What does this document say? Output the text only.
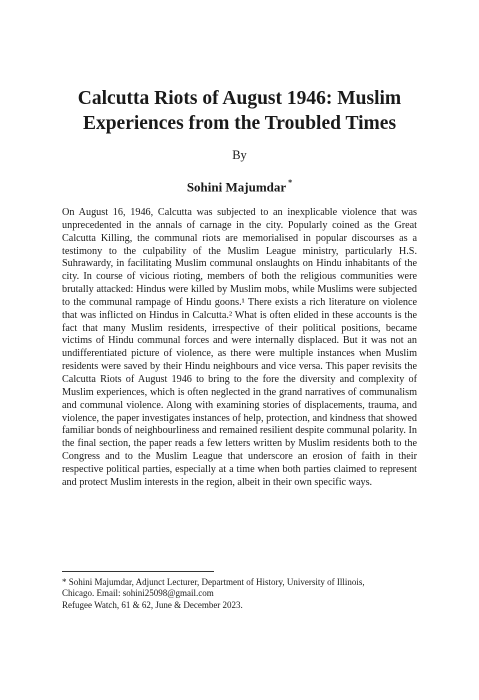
Calcutta Riots of August 1946: Muslim
Experiences from the Troubled Times
By
Sohini Majumdar *

On August 16, 1946, Calcutta was subjected to an inexplicable violence that was unprecedented in the annals of carnage in the city. Popularly coined as the Great Calcutta Killing, the communal riots are memorialised in popular discourses as a testimony to the culpability of the Muslim League ministry, particularly H.S. Suhrawardy, in facilitating Muslim communal onslaughts on Hindu inhabitants of the city. In course of vicious rioting, members of both the religious communities were brutally attacked: Hindus were killed by Muslim mobs, while Muslims were subjected to the communal rampage of Hindu goons.¹ There exists a rich literature on violence that was inflicted on Hindus in Calcutta.² What is often elided in these accounts is the fact that many Muslim residents, irrespective of their political positions, became victims of Hindu communal forces and were internally displaced. But it was not an undifferentiated picture of violence, as there were multiple instances when Muslim residents were saved by their Hindu neighbours and vice versa. This paper revisits the Calcutta Riots of August 1946 to bring to the fore the diversity and complexity of Muslim experiences, which is often neglected in the grand narratives of communalism and communal violence. Along with examining stories of displacements, trauma, and violence, the paper investigates instances of help, protection, and kindness that showed familiar bonds of neighbourliness and remained resilient despite communal polarity. In the final section, the paper reads a few letters written by Muslim residents both to the Congress and to the Muslim League that underscore an erosion of faith in their respective political parties, especially at a time when both parties claimed to represent and protect Muslim interests in the region, albeit in their own specific ways.

* Sohini Majumdar, Adjunct Lecturer, Department of History, University of Illinois,
Chicago. Email: sohini25098@gmail.com
Refugee Watch, 61 & 62, June & December 2023.
